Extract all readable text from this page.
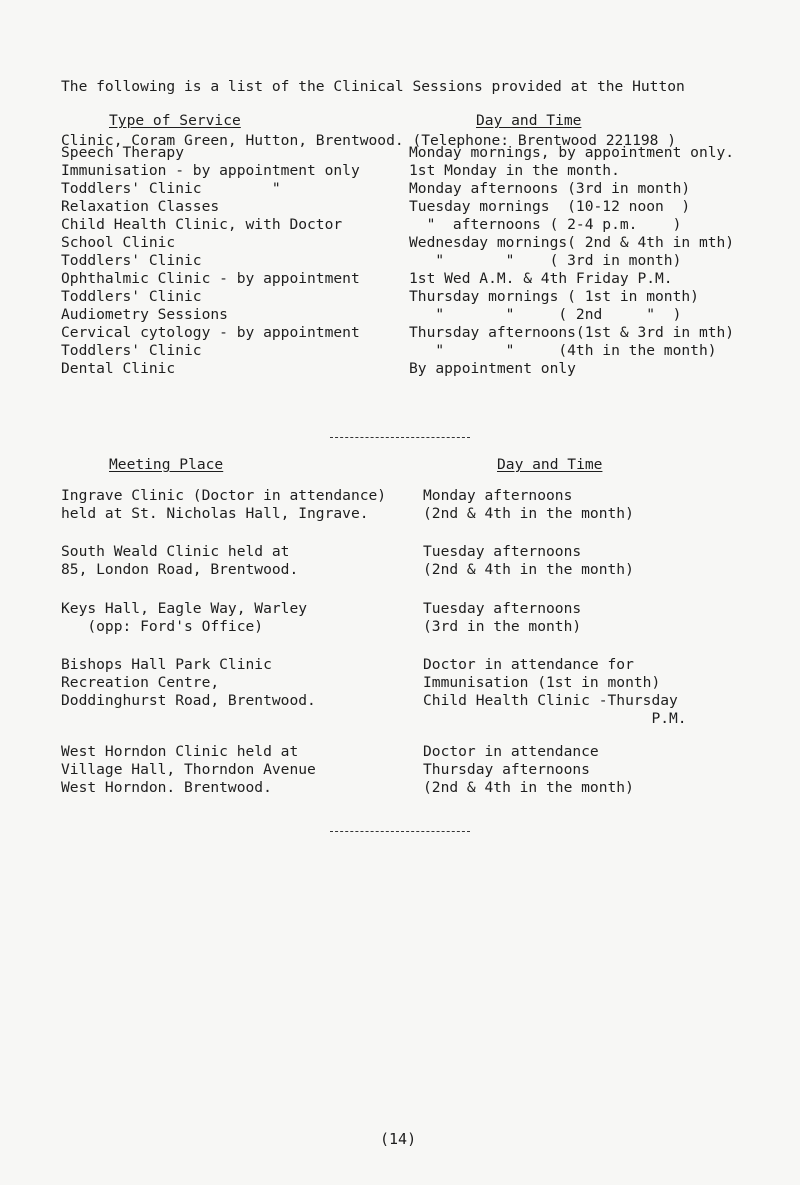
The following is a list of the Clinical Sessions provided at the Hutton

Clinic, Coram Green, Hutton, Brentwood. (Telephone: Brentwood 221198 )

Type of Service	Day and Time
Speech Therapy
Immunisation - by appointment only
Toddlers' Clinic        "
Relaxation Classes
Child Health Clinic, with Doctor
School Clinic
Toddlers' Clinic
Ophthalmic Clinic - by appointment
Toddlers' Clinic
Audiometry Sessions
Cervical cytology - by appointment
Toddlers' Clinic
Dental Clinic
Monday mornings, by appointment only.
1st Monday in the month.
Monday afternoons (3rd in month)
Tuesday mornings  (10-12 noon  )
"  afternoons ( 2-4 p.m.    )
Wednesday mornings( 2nd & 4th in mth)
"       "    ( 3rd in month)
1st Wed A.M. & 4th Friday P.M.
Thursday mornings ( 1st in month)
"       "     ( 2nd     "  )
Thursday afternoons(1st & 3rd in mth)
"       "     (4th in the month)
By appointment only
Meeting Place	Day and Time
Ingrave Clinic (Doctor in attendance)
held at St. Nicholas Hall, Ingrave.
Monday afternoons
(2nd & 4th in the month)
South Weald Clinic held at
85, London Road, Brentwood.
Tuesday afternoons
(2nd & 4th in the month)
Keys Hall, Eagle Way, Warley
(opp: Ford's Office)
Tuesday afternoons
(3rd in the month)
Bishops Hall Park Clinic
Recreation Centre,
Doddinghurst Road, Brentwood.
Doctor in attendance for
Immunisation (1st in month)
Child Health Clinic -Thursday
P.M.
West Horndon Clinic held at
Village Hall, Thorndon Avenue
West Horndon. Brentwood.
Doctor in attendance
Thursday afternoons
(2nd & 4th in the month)
(14)
